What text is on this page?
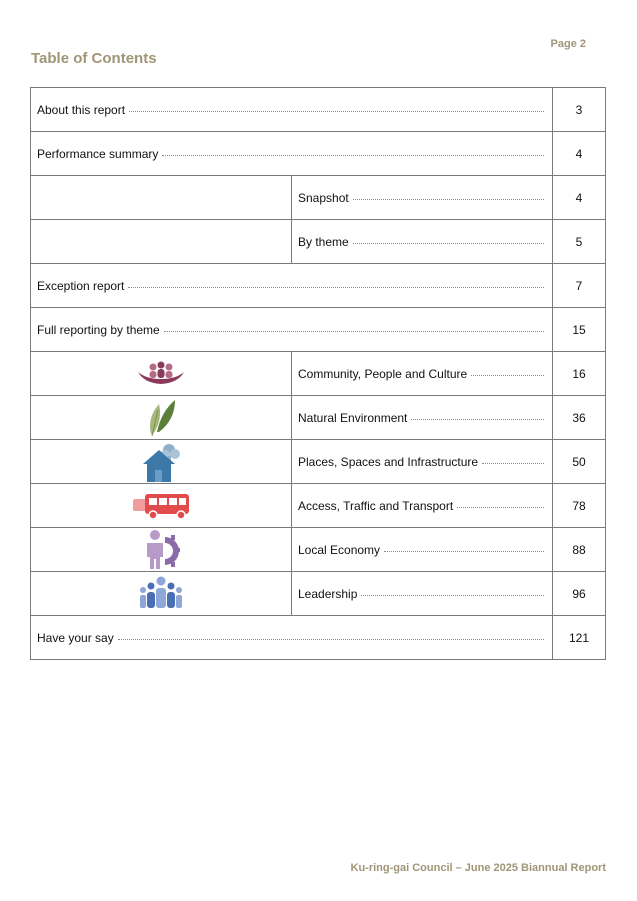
Page 2
Table of Contents
About this report		3

Performance summary		4

	Snapshot	4

	By theme	5

Exception report		7

Full reporting by theme		15

Community, People and Culture	16

Natural Environment	36

Places, Spaces and Infrastructure	50

Access, Traffic and Transport	78

Local Economy	88

Leadership	96

Have your say		121
Ku-ring-gai Council – June 2025 Biannual Report
